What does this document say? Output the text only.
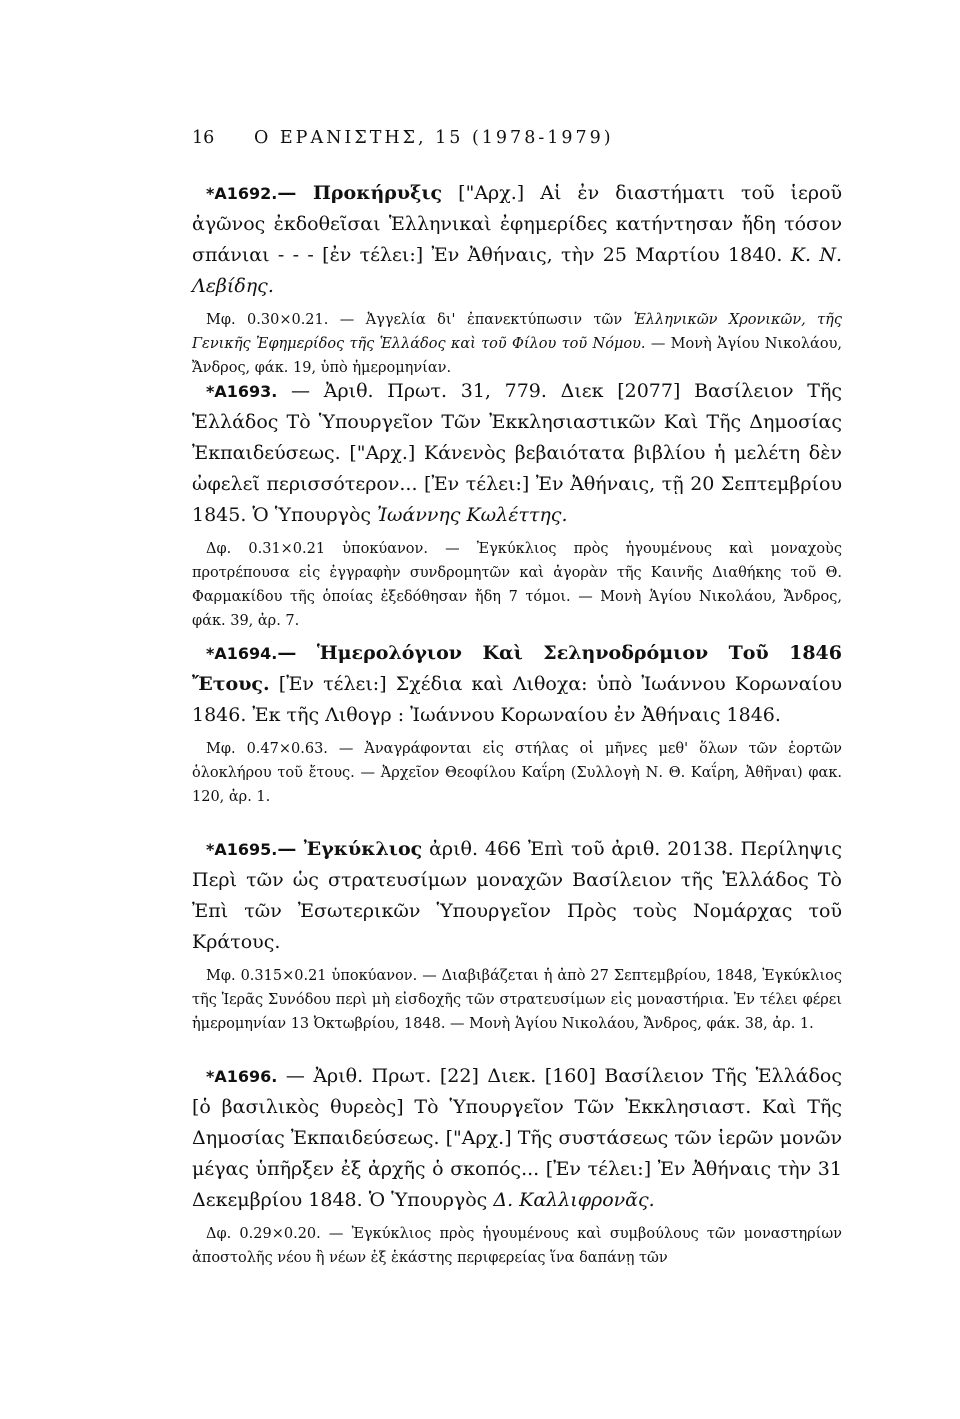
16 Ο ΕΡΑΝΙΣΤΗΣ, 15 (1978-1979)

*A1692.— Προκήρυξις ["Αρχ.] Αἱ ἐν διαστήματι τοῦ ἱεροῦ ἀγῶνος ἐκδοθεῖσαι Ἑλληνικαὶ ἐφημερίδες κατήντησαν ἤδη τόσον σπάνιαι - - - [ἐν τέλει:] Ἐν Ἀθήναις, τὴν 25 Μαρτίου 1840. Κ. Ν. Λεβίδης.

Μφ. 0.30×0.21. — Ἀγγελία δι' ἐπανεκτύπωσιν τῶν Ἑλληνικῶν Χρονικῶν, τῆς Γενικῆς Ἐφημερίδος τῆς Ἑλλάδος καὶ τοῦ Φίλου τοῦ Νόμου. — Μονὴ Ἁγίου Νικολάου, Ἄνδρος, φάκ. 19, ὑπὸ ἡμερομηνίαν.

*A1693. — Ἀριθ. Πρωτ. 31, 779. Διεκ [2077] Βασίλειον Τῆς Ἑλλάδος Τὸ Ὑπουργεῖον Τῶν Ἐκκλησιαστικῶν Καὶ Τῆς Δημοσίας Ἐκπαιδεύσεως. ["Αρχ.] Κάνενὸς βεβαιότατα βιβλίου ἡ μελέτη δὲν ὠφελεῖ περισσότερον... [Ἐν τέλει:] Ἐν Ἀθήναις, τῇ 20 Σεπτεμβρίου 1845. Ὁ Ὑπουργὸς Ἰωάννης Κωλέττης.

Δφ. 0.31×0.21 ὑποκύανον. — Ἐγκύκλιος πρὸς ἡγουμένους καὶ μοναχοὺς προτρέπουσα εἰς ἐγγραφὴν συνδρομητῶν καὶ ἀγορὰν τῆς Καινῆς Διαθήκης τοῦ Θ. Φαρμακίδου τῆς ὁποίας ἐξεδόθησαν ἤδη 7 τόμοι. — Μονὴ Ἁγίου Νικολάου, Ἄνδρος, φάκ. 39, ἀρ. 7.

*A1694.— Ἡμερολόγιον Καὶ Σεληνοδρόμιον Τοῦ 1846 Ἔτους. [Ἐν τέλει:] Σχέδια καὶ Λιθοχα: ὑπὸ Ἰωάννου Κορωναίου 1846. Ἐκ τῆς Λιθογρ : Ἰωάννου Κορωναίου ἐν Ἀθήναις 1846.

Μφ. 0.47×0.63. — Ἀναγράφονται εἰς στήλας οἱ μῆνες μεθ' ὅλων τῶν ἑορτῶν ὁλοκλήρου τοῦ ἔτους. — Ἀρχεῖον Θεοφίλου Καΐρη (Συλλογὴ Ν. Θ. Καΐρη, Ἀθῆναι) φακ. 120, ἀρ. 1.

*A1695.— Ἐγκύκλιος ἀριθ. 466 Ἐπὶ τοῦ ἀριθ. 20138. Περίληψις Περὶ τῶν ὡς στρατευσίμων μοναχῶν Βασίλειον τῆς Ἑλλάδος Τὸ Ἐπὶ τῶν Ἐσωτερικῶν Ὑπουργεῖον Πρὸς τοὺς Νομάρχας τοῦ Κράτους.

Μφ. 0.315×0.21 ὑποκύανον. — Διαβιβάζεται ἡ ἀπὸ 27 Σεπτεμβρίου, 1848, Ἐγκύκλιος τῆς Ἱερᾶς Συνόδου περὶ μὴ εἰσδοχῆς τῶν στρατευσίμων εἰς μοναστήρια. Ἐν τέλει φέρει ἡμερομηνίαν 13 Ὀκτωβρίου, 1848. — Μονὴ Ἁγίου Νικολάου, Ἄνδρος, φάκ. 38, ἀρ. 1.

*A1696. — Ἀριθ. Πρωτ. [22] Διεκ. [160] Βασίλειον Τῆς Ἑλλάδος [ὁ βασιλικὸς θυρεὸς] Τὸ Ὑπουργεῖον Τῶν Ἐκκλησιαστ. Καὶ Τῆς Δημοσίας Ἐκπαιδεύσεως. ["Αρχ.] Τῆς συστάσεως τῶν ἱερῶν μονῶν μέγας ὑπῆρξεν ἐξ ἀρχῆς ὁ σκοπός... [Ἐν τέλει:] Ἐν Ἀθήναις τὴν 31 Δεκεμβρίου 1848. Ὁ Ὑπουργὸς Δ. Καλλιφρονᾶς.

Δφ. 0.29×0.20. — Ἐγκύκλιος πρὸς ἡγουμένους καὶ συμβούλους τῶν μοναστηρίων ἀποστολῆς νέου ἢ νέων ἐξ ἑκάστης περιφερείας ἵνα δαπάνῃ τῶν
